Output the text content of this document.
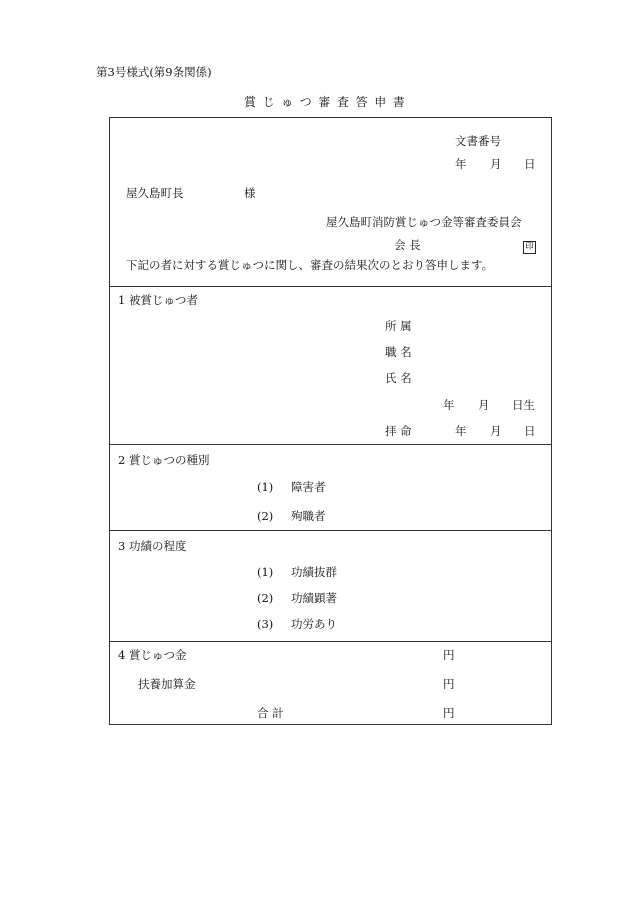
第3号様式(第9条関係)
賞じゅつ審査答申書
文書番号
年 月 日
屋久島町長	様
屋久島町消防賞じゅつ金等審査委員会
会 長	印
下記の者に対する賞じゅつに関し、審査の結果次のとおり答申します。
1 被賞じゅつ者
所 属
職 名
氏 名
年 月 日生
拝 命	年 月 日
2 賞じゅつの種別
(1) 障害者
(2) 殉職者
3 功績の程度
(1) 功績抜群
(2) 功績顕著
(3) 功労あり
4 賞じゅつ金	円
扶養加算金	円
合 計	円
